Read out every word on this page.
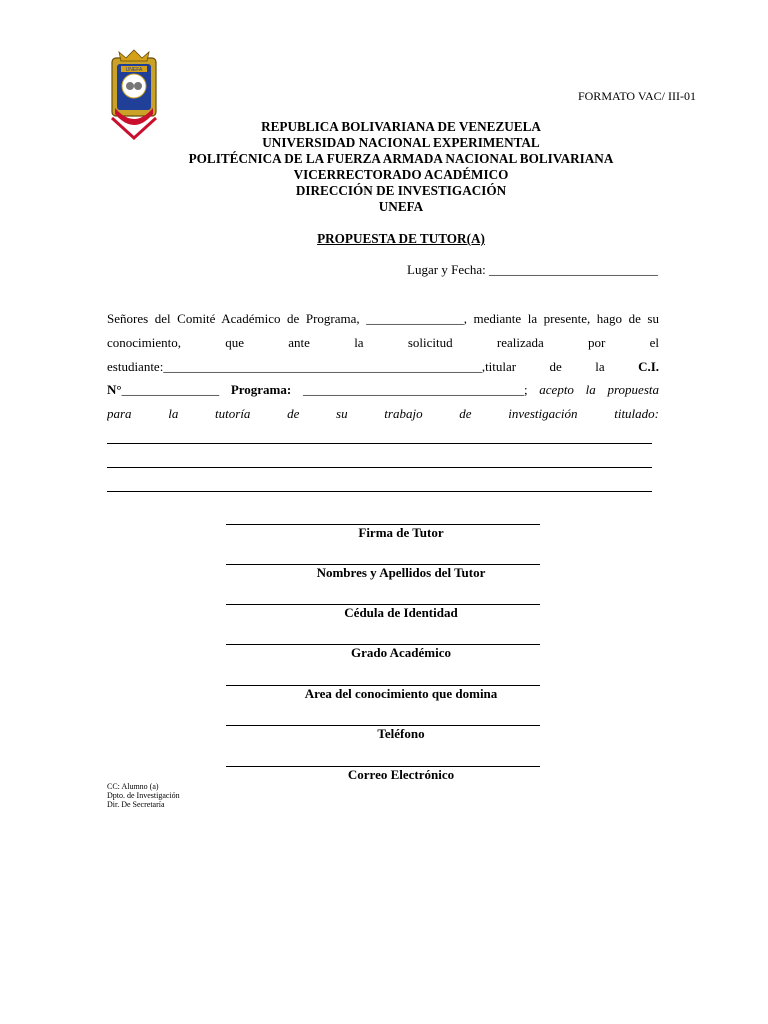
UNEFA
FORMATO VAC/ III-01
REPUBLICA BOLIVARIANA DE VENEZUELA
UNIVERSIDAD NACIONAL EXPERIMENTAL
POLITÉCNICA DE LA FUERZA ARMADA NACIONAL BOLIVARIANA
VICERRECTORADO ACADÉMICO
DIRECCIÓN DE INVESTIGACIÓN
UNEFA
PROPUESTA DE TUTOR(A)
Lugar y Fecha: __________________________
Señores del Comité Académico de Programa, _______________, mediante la presente, hago de su
conocimiento, que ante la solicitud realizada por el
estudiante:_________________________________________________,titular de la	C.I.
N°_______________ Programa: __________________________________; acepto la propuesta
para la tutoría de su trabajo de investigación titulado:
Firma de Tutor
Nombres y Apellidos del Tutor
Cédula de Identidad
Grado Académico
Area del conocimiento que domina
Teléfono
Correo Electrónico
CC: Alumno (a)
Dpto. de Investigación
Dir. De Secretaría
